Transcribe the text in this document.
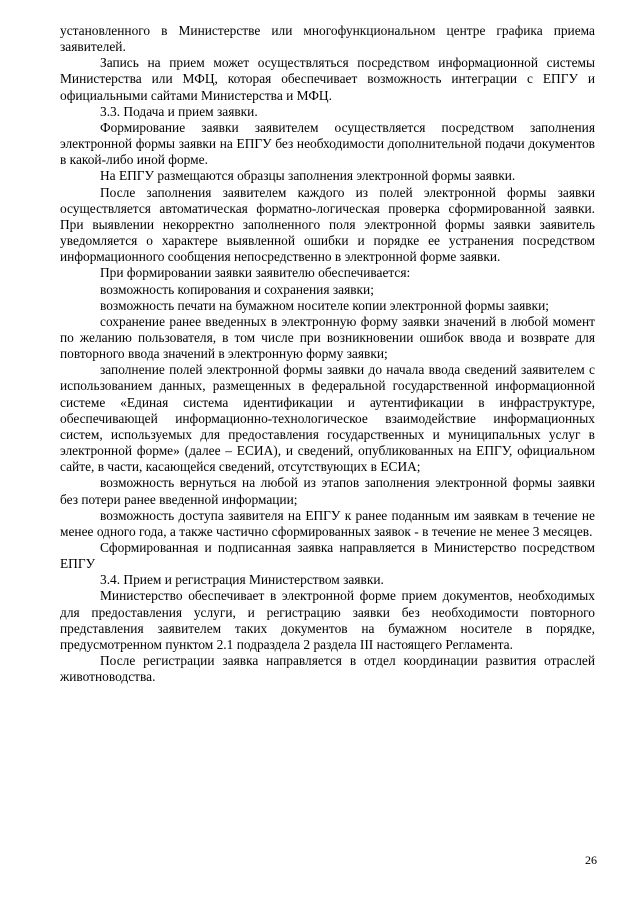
установленного в Министерстве или многофункциональном центре графика приема заявителей.

Запись на прием может осуществляться посредством информационной системы Министерства или МФЦ, которая обеспечивает возможность интеграции с ЕПГУ и официальными сайтами Министерства и МФЦ.

3.3. Подача и прием заявки.

Формирование заявки заявителем осуществляется посредством заполнения электронной формы заявки на ЕПГУ без необходимости дополнительной подачи документов в какой-либо иной форме.

На ЕПГУ размещаются образцы заполнения электронной формы заявки.

После заполнения заявителем каждого из полей электронной формы заявки осуществляется автоматическая форматно-логическая проверка сформированной заявки. При выявлении некорректно заполненного поля электронной формы заявки заявитель уведомляется о характере выявленной ошибки и порядке ее устранения посредством информационного сообщения непосредственно в электронной форме заявки.

При формировании заявки заявителю обеспечивается:

возможность копирования и сохранения заявки;

возможность печати на бумажном носителе копии электронной формы заявки;

сохранение ранее введенных в электронную форму заявки значений в любой момент по желанию пользователя, в том числе при возникновении ошибок ввода и возврате для повторного ввода значений в электронную форму заявки;

заполнение полей электронной формы заявки до начала ввода сведений заявителем с использованием данных, размещенных в федеральной государственной информационной системе «Единая система идентификации и аутентификации в инфраструктуре, обеспечивающей информационно-технологическое взаимодействие информационных систем, используемых для предоставления государственных и муниципальных услуг в электронной форме» (далее – ЕСИА), и сведений, опубликованных на ЕПГУ, официальном сайте, в части, касающейся сведений, отсутствующих в ЕСИА;

возможность вернуться на любой из этапов заполнения электронной формы заявки без потери ранее введенной информации;

возможность доступа заявителя на ЕПГУ к ранее поданным им заявкам в течение не менее одного года, а также частично сформированных заявок - в течение не менее 3 месяцев.

Сформированная и подписанная заявка направляется в Министерство посредством ЕПГУ

3.4. Прием и регистрация Министерством заявки.

Министерство обеспечивает в электронной форме прием документов, необходимых для предоставления услуги, и регистрацию заявки без необходимости повторного представления заявителем таких документов на бумажном носителе в порядке, предусмотренном пунктом 2.1 подраздела 2 раздела III настоящего Регламента.

После регистрации заявка направляется в отдел координации развития отраслей животноводства.

26
